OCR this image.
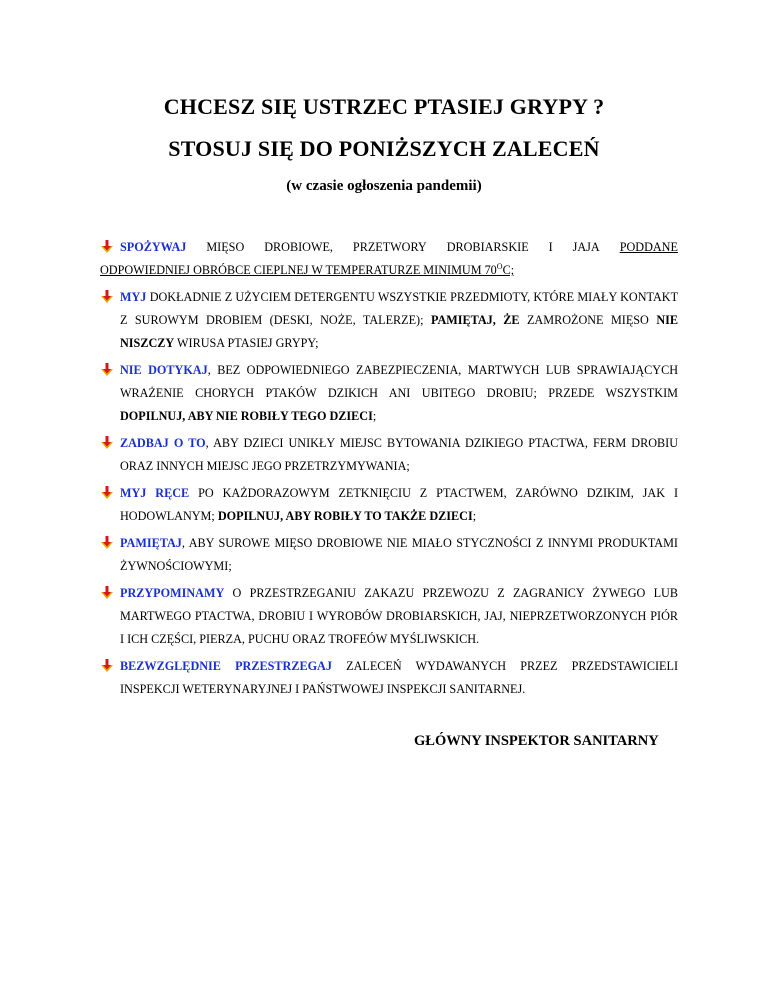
CHCESZ SIĘ USTRZEC PTASIEJ GRYPY ?
STOSUJ SIĘ DO PONIŻSZYCH ZALECEŃ

(w czasie ogłoszenia pandemii)

SPOŻYWAJ MIĘSO DROBIOWE, PRZETWORY DROBIARSKIE I JAJA PODDANE
ODPOWIEDNIEJ OBRÓBCE CIEPLNEJ W TEMPERATURZE MINIMUM $70^OC$;
MYJ DOKŁADNIE Z UŻYCIEM DETERGENTU WSZYSTKIE PRZEDMIOTY, KTÓRE MIAŁY KONTAKT Z SUROWYM DROBIEM (DESKI, NOŻE, TALERZE); PAMIĘTAJ, ŻE ZAMROŻONE MIĘSO NIE NISZCZY WIRUSA PTASIEJ GRYPY;
NIE DOTYKAJ, BEZ ODPOWIEDNIEGO ZABEZPIECZENIA, MARTWYCH LUB SPRAWIAJĄCYCH WRAŻENIE CHORYCH PTAKÓW DZIKICH ANI UBITEGO DROBIU; PRZEDE WSZYSTKIM DOPILNUJ, ABY NIE ROBIŁY TEGO DZIECI;
ZADBAJ O TO, ABY DZIECI UNIKŁY MIEJSC BYTOWANIA DZIKIEGO PTACTWA, FERM DROBIU ORAZ INNYCH MIEJSC JEGO PRZETRZYMYWANIA;
MYJ RĘCE PO KAŻDORAZOWYM ZETKNIĘCIU Z PTACTWEM, ZARÓWNO DZIKIM, JAK I HODOWLANYM; DOPILNUJ, ABY ROBIŁY TO TAKŻE DZIECI;
PAMIĘTAJ, ABY SUROWE MIĘSO DROBIOWE NIE MIAŁO STYCZNOŚCI Z INNYMI PRODUKTAMI ŻYWNOŚCIOWYMI;
PRZYPOMINAMY O PRZESTRZEGANIU ZAKAZU PRZEWOZU Z ZAGRANICY ŻYWEGO LUB MARTWEGO PTACTWA, DROBIU I WYROBÓW DROBIARSKICH, JAJ, NIEPRZETWORZONYCH PIÓR I ICH CZĘŚCI, PIERZA, PUCHU ORAZ TROFEÓW MYŚLIWSKICH.
BEZWZGLĘDNIE PRZESTRZEGAJ ZALECEŃ WYDAWANYCH PRZEZ PRZEDSTAWICIELI INSPEKCJI WETERYNARYJNEJ I PAŃSTWOWEJ INSPEKCJI SANITARNEJ.

GŁÓWNY INSPEKTOR SANITARNY
